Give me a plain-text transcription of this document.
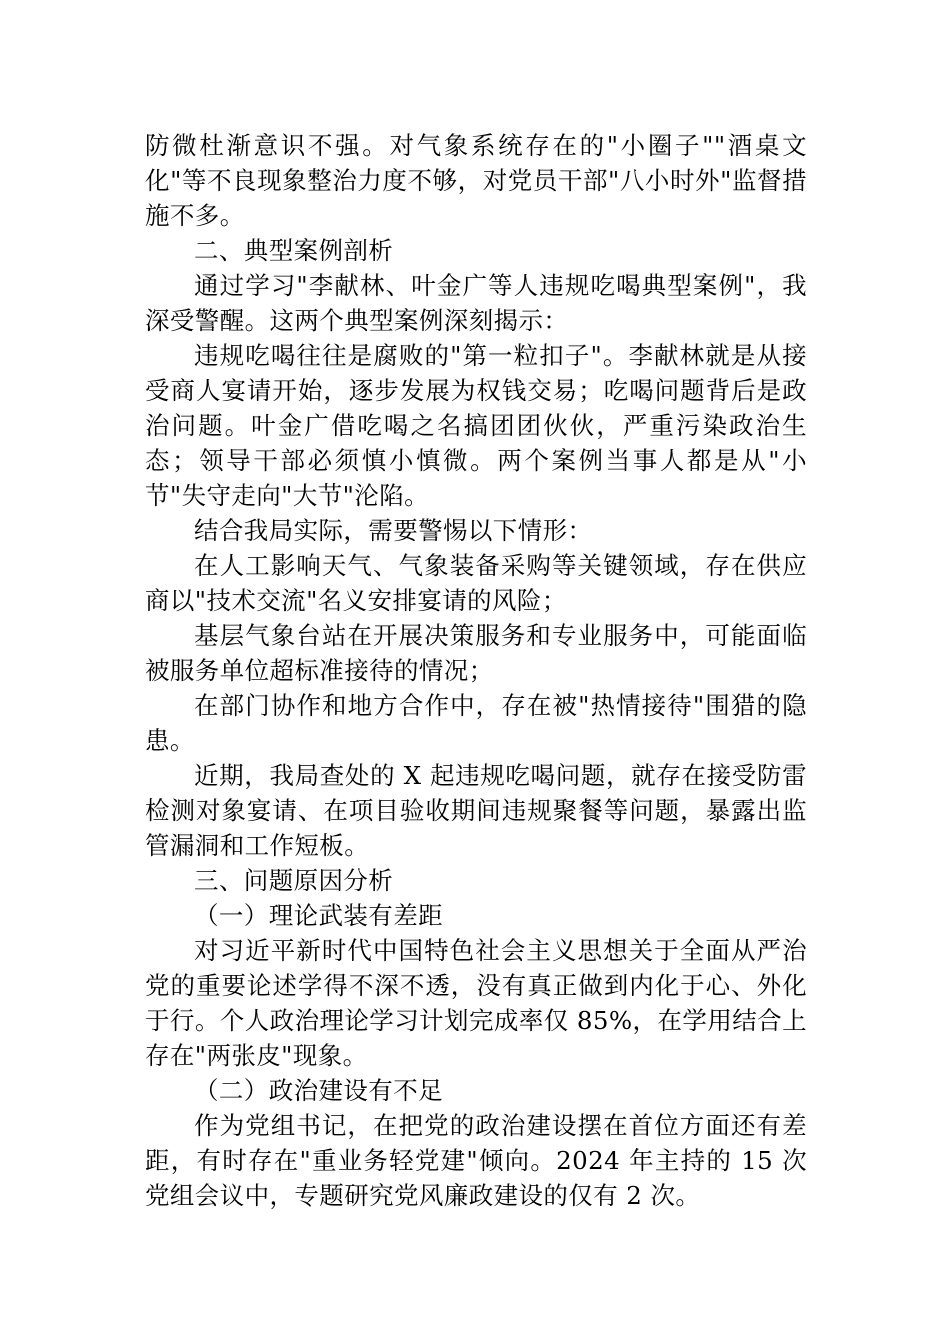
防微杜渐意识不强。对气象系统存在的"小圈子""酒桌文化"等不良现象整治力度不够，对党员干部"八小时外"监督措施不多。

二、典型案例剖析

通过学习"李献林、叶金广等人违规吃喝典型案例"，我深受警醒。这两个典型案例深刻揭示：

违规吃喝往往是腐败的"第一粒扣子"。李献林就是从接受商人宴请开始，逐步发展为权钱交易；吃喝问题背后是政治问题。叶金广借吃喝之名搞团团伙伙，严重污染政治生态；领导干部必须慎小慎微。两个案例当事人都是从"小节"失守走向"大节"沦陷。

结合我局实际，需要警惕以下情形：

在人工影响天气、气象装备采购等关键领域，存在供应商以"技术交流"名义安排宴请的风险；

基层气象台站在开展决策服务和专业服务中，可能面临被服务单位超标准接待的情况；

在部门协作和地方合作中，存在被"热情接待"围猎的隐患。

近期，我局查处的 X 起违规吃喝问题，就存在接受防雷检测对象宴请、在项目验收期间违规聚餐等问题，暴露出监管漏洞和工作短板。

三、问题原因分析

（一）理论武装有差距

对习近平新时代中国特色社会主义思想关于全面从严治党的重要论述学得不深不透，没有真正做到内化于心、外化于行。个人政治理论学习计划完成率仅 85%，在学用结合上存在"两张皮"现象。

（二）政治建设有不足

作为党组书记，在把党的政治建设摆在首位方面还有差距，有时存在"重业务轻党建"倾向。2024 年主持的 15 次党组会议中，专题研究党风廉政建设的仅有 2 次。
